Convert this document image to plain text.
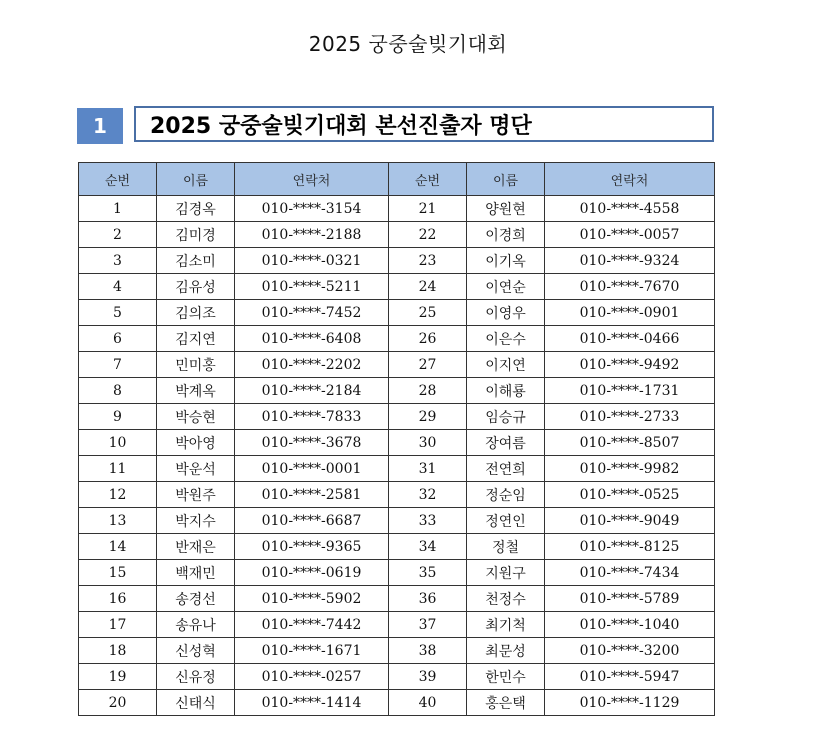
2025 궁중술빚기대회
1	2025 궁중술빚기대회 본선진출자 명단
순번	이름	연락처	순번	이름	연락처
1	김경옥	010-****-3154	21	양원현	010-****-4558
2	김미경	010-****-2188	22	이경희	010-****-0057
3	김소미	010-****-0321	23	이기옥	010-****-9324
4	김유성	010-****-5211	24	이연순	010-****-7670
5	김의조	010-****-7452	25	이영우	010-****-0901
6	김지연	010-****-6408	26	이은수	010-****-0466
7	민미홍	010-****-2202	27	이지연	010-****-9492
8	박계옥	010-****-2184	28	이해룡	010-****-1731
9	박승현	010-****-7833	29	임승규	010-****-2733
10	박아영	010-****-3678	30	장여름	010-****-8507
11	박운석	010-****-0001	31	전연희	010-****-9982
12	박원주	010-****-2581	32	정순임	010-****-0525
13	박지수	010-****-6687	33	정연인	010-****-9049
14	반재은	010-****-9365	34	정철	010-****-8125
15	백재민	010-****-0619	35	지원구	010-****-7434
16	송경선	010-****-5902	36	천정수	010-****-5789
17	송유나	010-****-7442	37	최기척	010-****-1040
18	신성혁	010-****-1671	38	최문성	010-****-3200
19	신유정	010-****-0257	39	한민수	010-****-5947
20	신태식	010-****-1414	40	홍은택	010-****-1129
